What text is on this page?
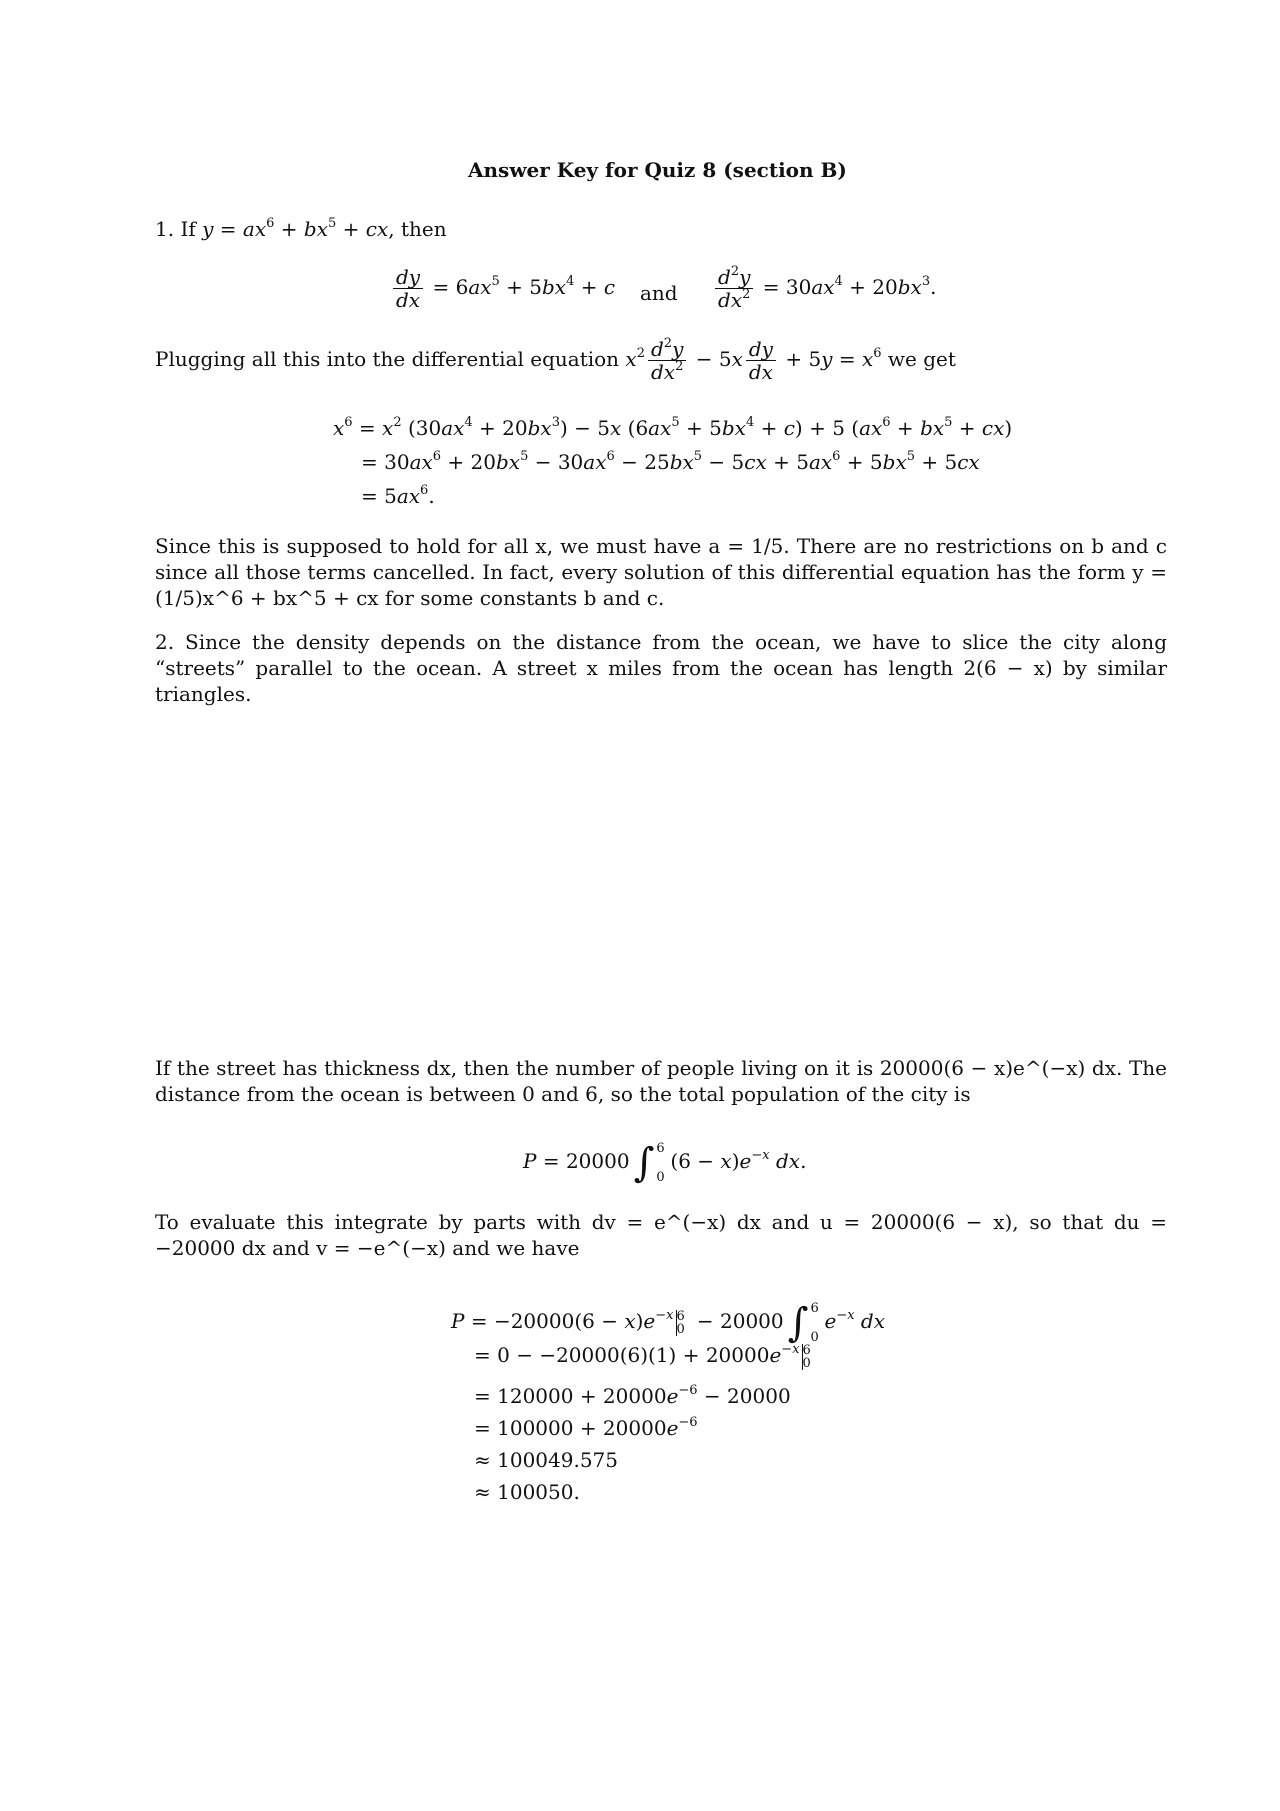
Answer Key for Quiz 8 (section B)
1. If $y = ax^6 + bx^5$ + cx, then
$\frac{dy}{dx} = 6ax^5 + 5bx^4 + c$ and $\frac{d^2y}{dx^2} = 30ax^4 + 20bx^3$.
Plugging all this into the differential equation $x^2 \frac{d^2y}{dx^2} - 5x \frac{dy}{dx} + 5y = x^6$ we get
$x^6 = x^2$ $(30ax^4 + 20bx^3) - 5x$ $(6ax^5 + 5bx^4 + c) + 5$ $(ax^6 + bx^5 + cx)$
= $30ax^6 + 20bx^5 - 30ax^6 - 25bx^5 - 5cx + 5ax^6 + 5bx^5 + 5cx$
= $5ax^6$.
Since this is supposed to hold for all x, we must have a = 1/5. There are no restrictions on b and c since all those terms cancelled. In fact, every solution of this differential equation has the form y = (1/5)x^6 + bx^5 + cx for some constants b and c.
2. Since the density depends on the distance from the ocean, we have to slice the city along “streets” parallel to the ocean. A street x miles from the ocean has length 2(6 − x) by similar triangles.
If the street has thickness dx, then the number of people living on it is 20000(6 − x)e^(−x) dx. The distance from the ocean is between 0 and 6, so the total population of the city is
P = 20000 ∫ 6
0
$(6 - x)e^{-x}$ dx.
To evaluate this integrate by parts with dv = e^(−x) dx and u = 20000(6 − x), so that du = −20000 dx and v = −e^(−x) and we have
$P = -20000(6 - x)e^{-x}$ 6
0 − 20000 ∫ 6
0
$e^{-x}$ dx
= $0 - -20000(6)(1) + 20000e^{-x}$ 6
0
= $120000 + 20000e^{-6} - 20000$
= $100000 + 20000e^{-6}$
≈ 100049.575
≈ 100050.
